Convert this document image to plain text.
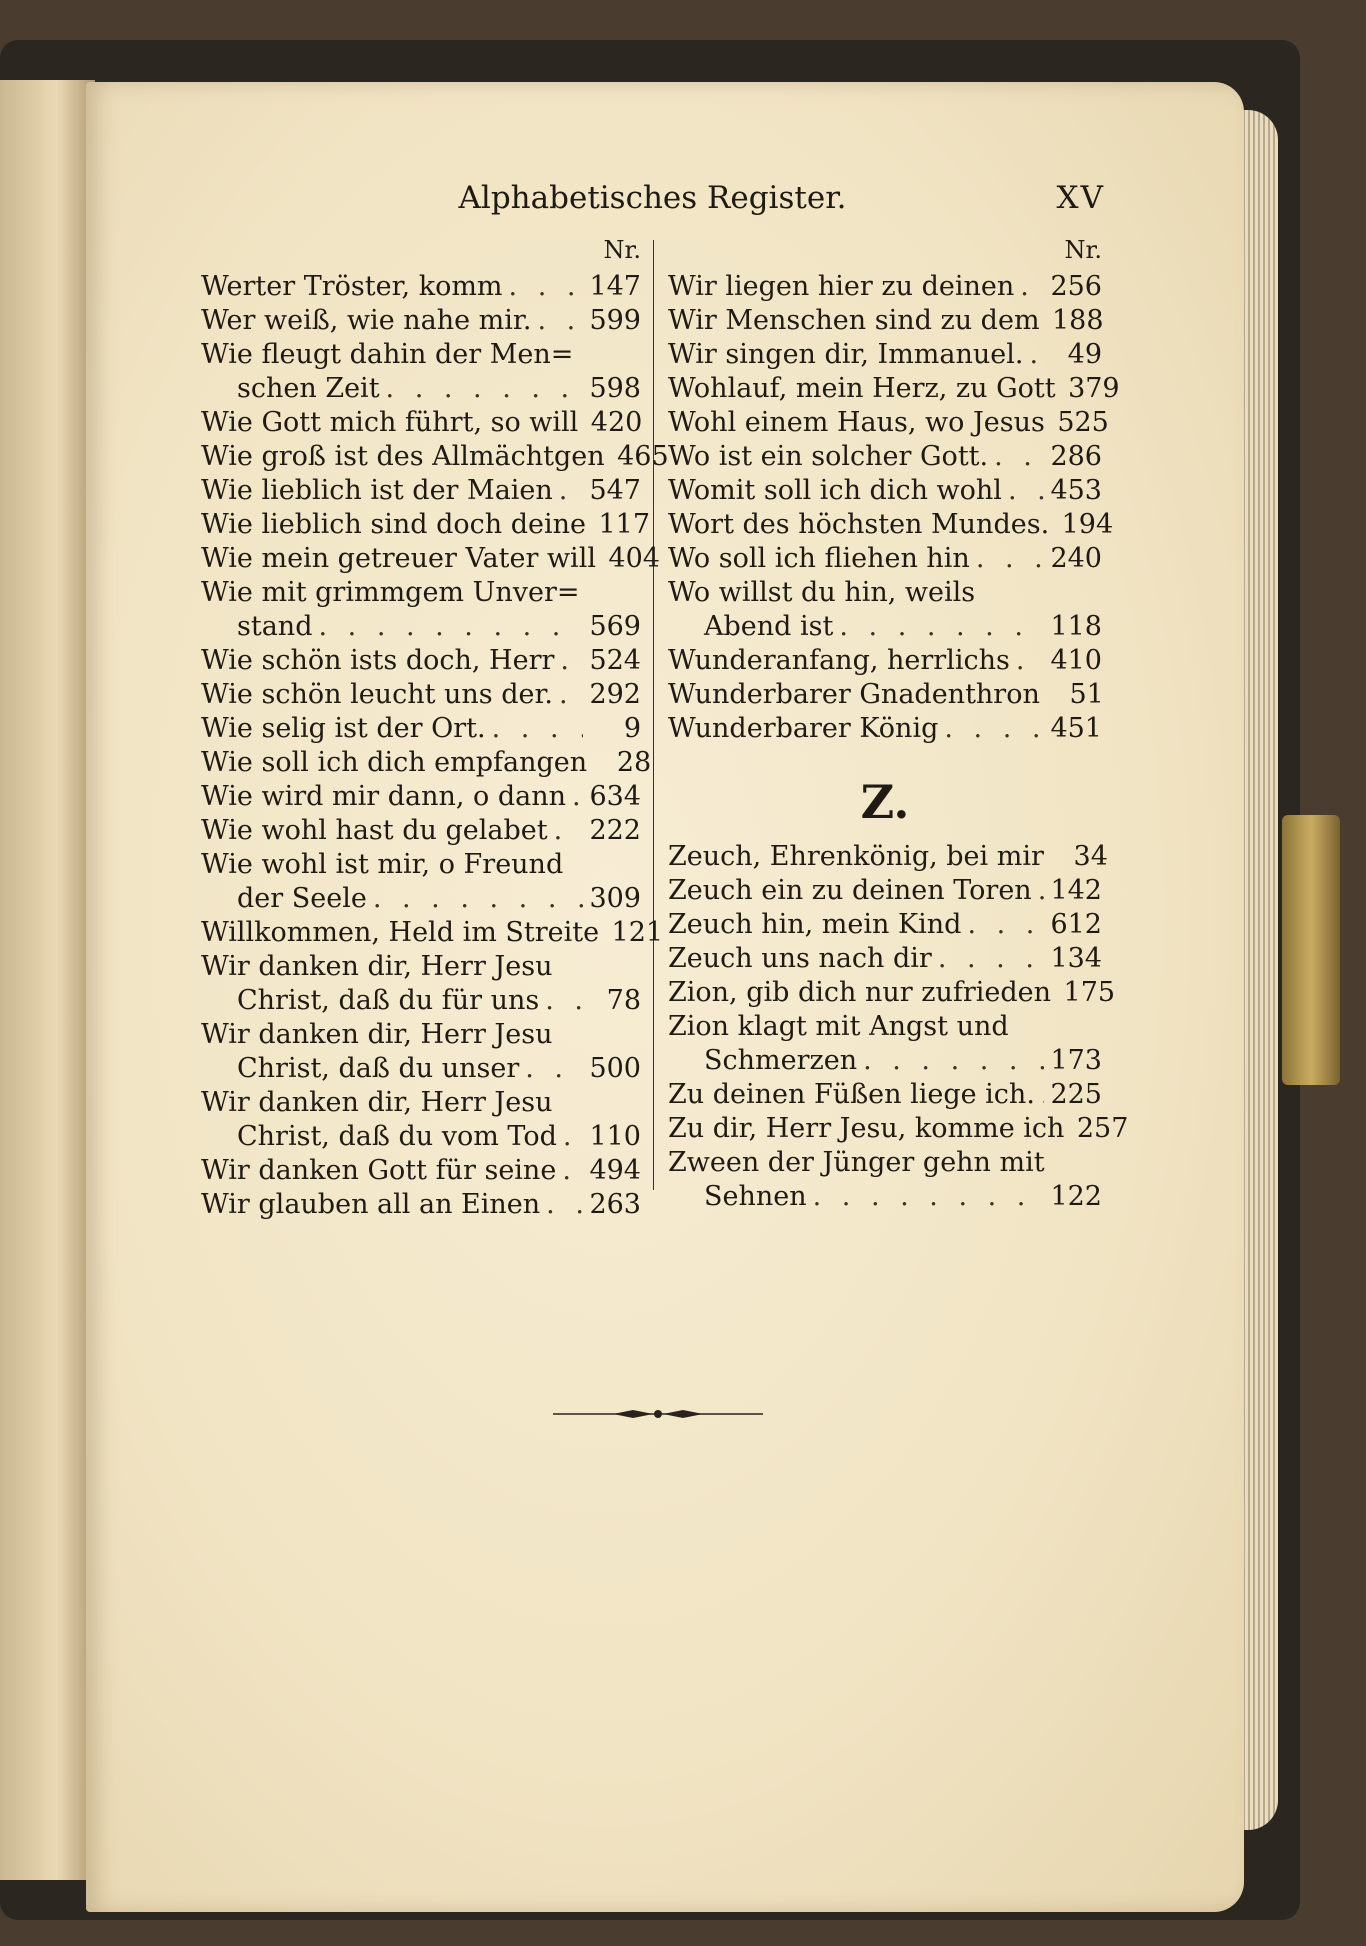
Alphabetisches Register.	XV
Nr.
Werter Tröster, komm . . .	147
Wer weiß, wie nahe mir. . . . 599
Wie fleugt dahin der Men=
schen Zeit . . .	598
Wie Gott mich führt, so will 420
Wie groß ist des Allmächtgen 465
Wie lieblich ist der Maien . . . 547
Wie lieblich sind doch deine 117
Wie mein getreuer Vater will 404
Wie mit grimmgem Unver=
stand . . .	569
Wie schön ists doch, Herr . . . 524
Wie schön leucht uns der. . . . 292
Wie selig ist der Ort. . . .	9
Wie soll ich dich empfangen	28
Wie wird mir dann, o dann . . . 634
Wie wohl hast du gelabet . . . 222
Wie wohl ist mir, o Freund
der Seele . . .	309
Willkommen, Held im Streite 121
Wir danken dir, Herr Jesu
Christ, daß du für uns . . .	78
Wir danken dir, Herr Jesu
Christ, daß du unser . . .	500
Wir danken dir, Herr Jesu
Christ, daß du vom Tod . . . 110
Wir danken Gott für seine . . . 494
Wir glauben all an Einen . . . 263
Nr.
Wir liegen hier zu deinen . . . 256
Wir Menschen sind zu dem 188
Wir singen dir, Immanuel. . . .	49
Wohlauf, mein Herz, zu Gott 379
Wohl einem Haus, wo Jesus 525
Wo ist ein solcher Gott. . . . 286
Womit soll ich dich wohl . . . 453
Wort des höchsten Mundes. 194
Wo soll ich fliehen hin . . .	240
Wo willst du hin, weils
Abend ist . . .	118
Wunderanfang, herrlichs . . . 410
Wunderbarer Gnadenthron	51
Wunderbarer König . . .	451
Z.
Zeuch, Ehrenkönig, bei mir	34
Zeuch ein zu deinen Toren . . . 142
Zeuch hin, mein Kind . . .	612
Zeuch uns nach dir . . .	134
Zion, gib dich nur zufrieden 175
Zion klagt mit Angst und
Schmerzen . . .	173
Zu deinen Füßen liege ich. . . . 225
Zu dir, Herr Jesu, komme ich 257
Zween der Jünger gehn mit
Sehnen . . .	122
